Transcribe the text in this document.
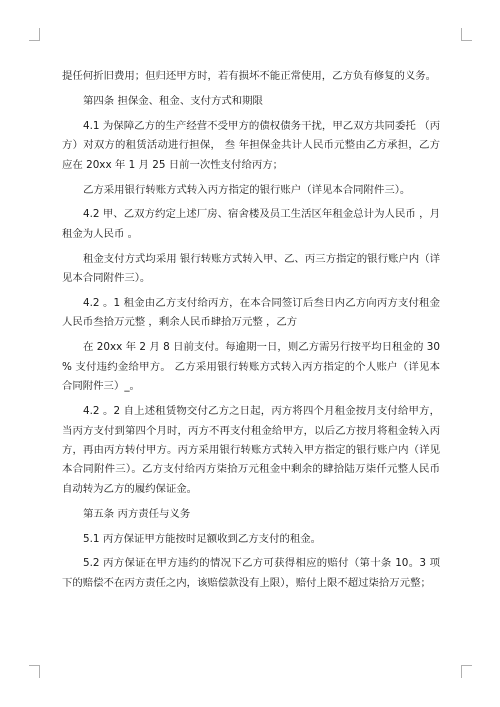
提任何折旧费用；但归还甲方时，若有损坏不能正常使用，乙方负有修复的义务。

第四条 担保金、租金、支付方式和期限

4.1 为保障乙方的生产经营不受甲方的债权债务干扰，甲乙双方共同委托 （丙方）对双方的租赁活动进行担保， 叁 年担保金共计人民币元整由乙方承担，乙方应在 20xx 年 1 月 25 日前一次性支付给丙方；

乙方采用银行转账方式转入丙方指定的银行账户（详见本合同附件三）。

4.2 甲、乙双方约定上述厂房、宿舍楼及员工生活区年租金总计为人民币 ，月租金为人民币 。

租金支付方式均采用 银行转账方式转入甲、乙、丙三方指定的银行账户内（详见本合同附件三）。

4.2 。1 租金由乙方支付给丙方，在本合同签订后叁日内乙方向丙方支付租金人民币叁拾万元整 ，剩余人民币肆拾万元整 ，乙方

在 20xx 年 2 月 8 日前支付。每逾期一日，则乙方需另行按平均日租金的 30 % 支付违约金给甲方。 乙方采用银行转账方式转入丙方指定的个人账户（详见本合同附件三）_。

4.2 。2 自上述租赁物交付乙方之日起，丙方将四个月租金按月支付给甲方，当丙方支付到第四个月时，丙方不再支付租金给甲方，以后乙方按月将租金转入丙方，再由丙方转付甲方。丙方采用银行转账方式转入甲方指定的银行账户内（详见本合同附件三）。乙方支付给丙方柒拾万元租金中剩余的肆拾陆万柒仟元整人民币自动转为乙方的履约保证金。

第五条 丙方责任与义务

5.1 丙方保证甲方能按时足额收到乙方支付的租金。

5.2 丙方保证在甲方违约的情况下乙方可获得相应的赔付（第十条 10。3 项下的赔偿不在丙方责任之内，该赔偿款没有上限），赔付上限不超过柒拾万元整；
